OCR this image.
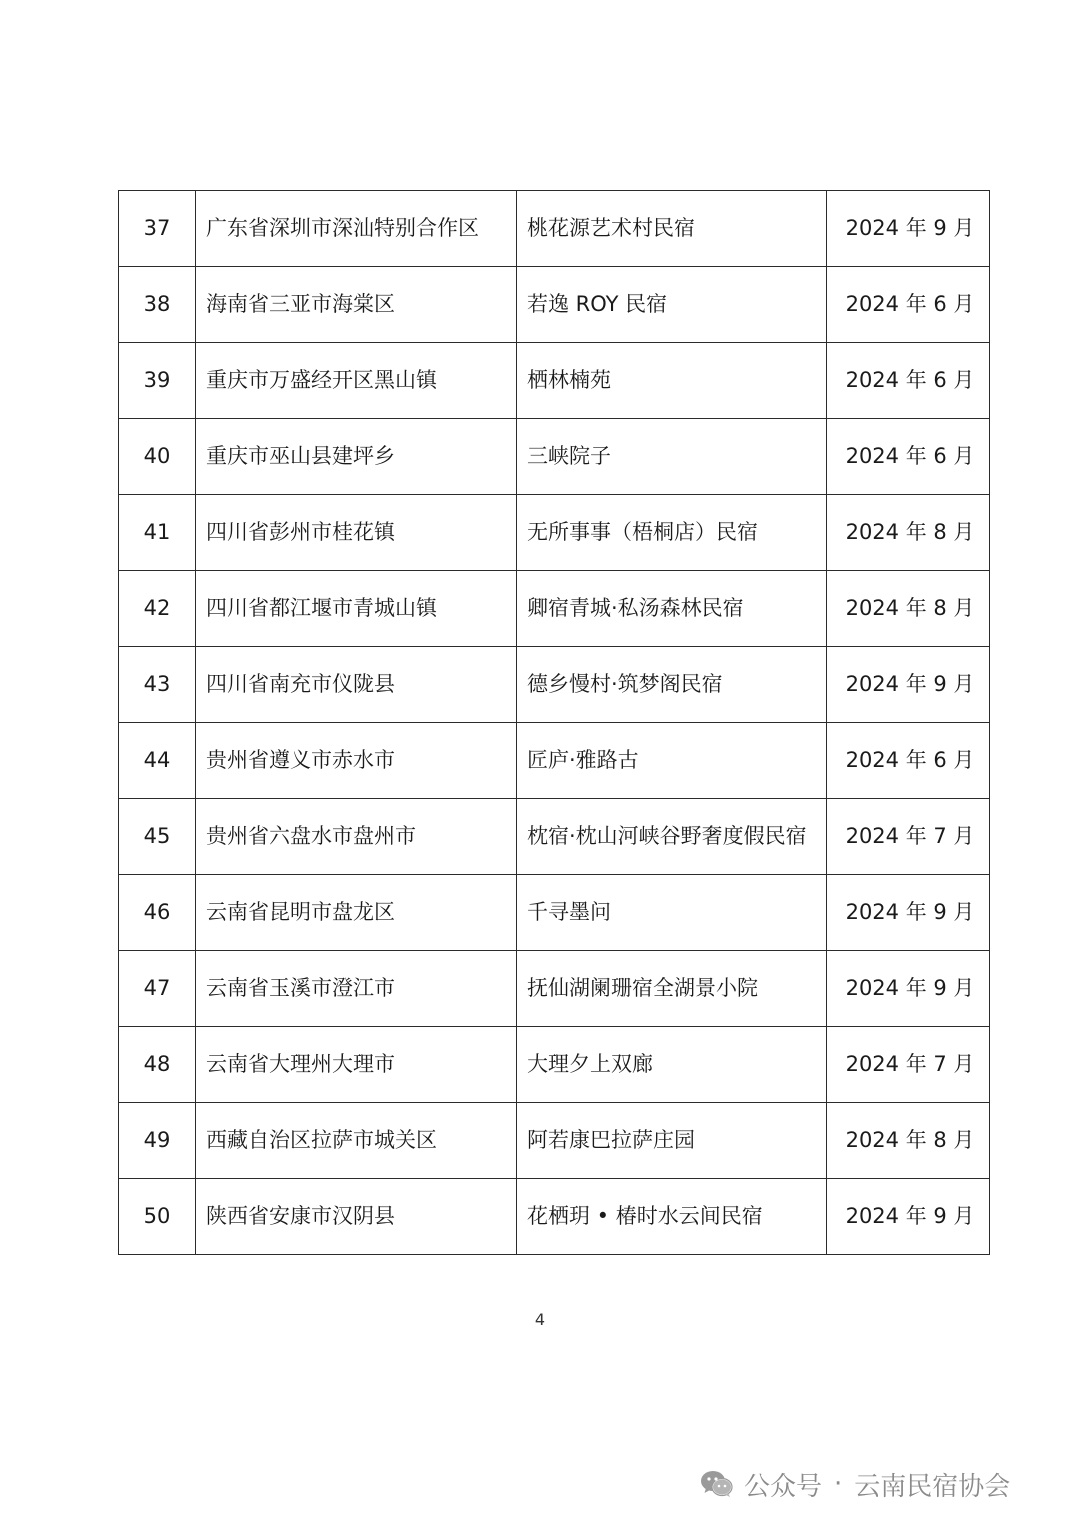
37	广东省深圳市深汕特别合作区	桃花源艺术村民宿	2024 年 9 月
38	海南省三亚市海棠区	若逸 ROY 民宿	2024 年 6 月
39	重庆市万盛经开区黑山镇	栖林楠苑	2024 年 6 月
40	重庆市巫山县建坪乡	三峡院子	2024 年 6 月
41	四川省彭州市桂花镇	无所事事（梧桐店）民宿	2024 年 8 月
42	四川省都江堰市青城山镇	卿宿青城·私汤森林民宿	2024 年 8 月
43	四川省南充市仪陇县	德乡慢村·筑梦阁民宿	2024 年 9 月
44	贵州省遵义市赤水市	匠庐·雅路古	2024 年 6 月
45	贵州省六盘水市盘州市	枕宿·枕山河峡谷野奢度假民宿	2024 年 7 月
46	云南省昆明市盘龙区	千寻墨问	2024 年 9 月
47	云南省玉溪市澄江市	抚仙湖阑珊宿全湖景小院	2024 年 9 月
48	云南省大理州大理市	大理夕上双廊	2024 年 7 月
49	西藏自治区拉萨市城关区	阿若康巴拉萨庄园	2024 年 8 月
50	陕西省安康市汉阴县	花栖玥 • 椿时水云间民宿	2024 年 9 月
4
公众号 · 云南民宿协会
